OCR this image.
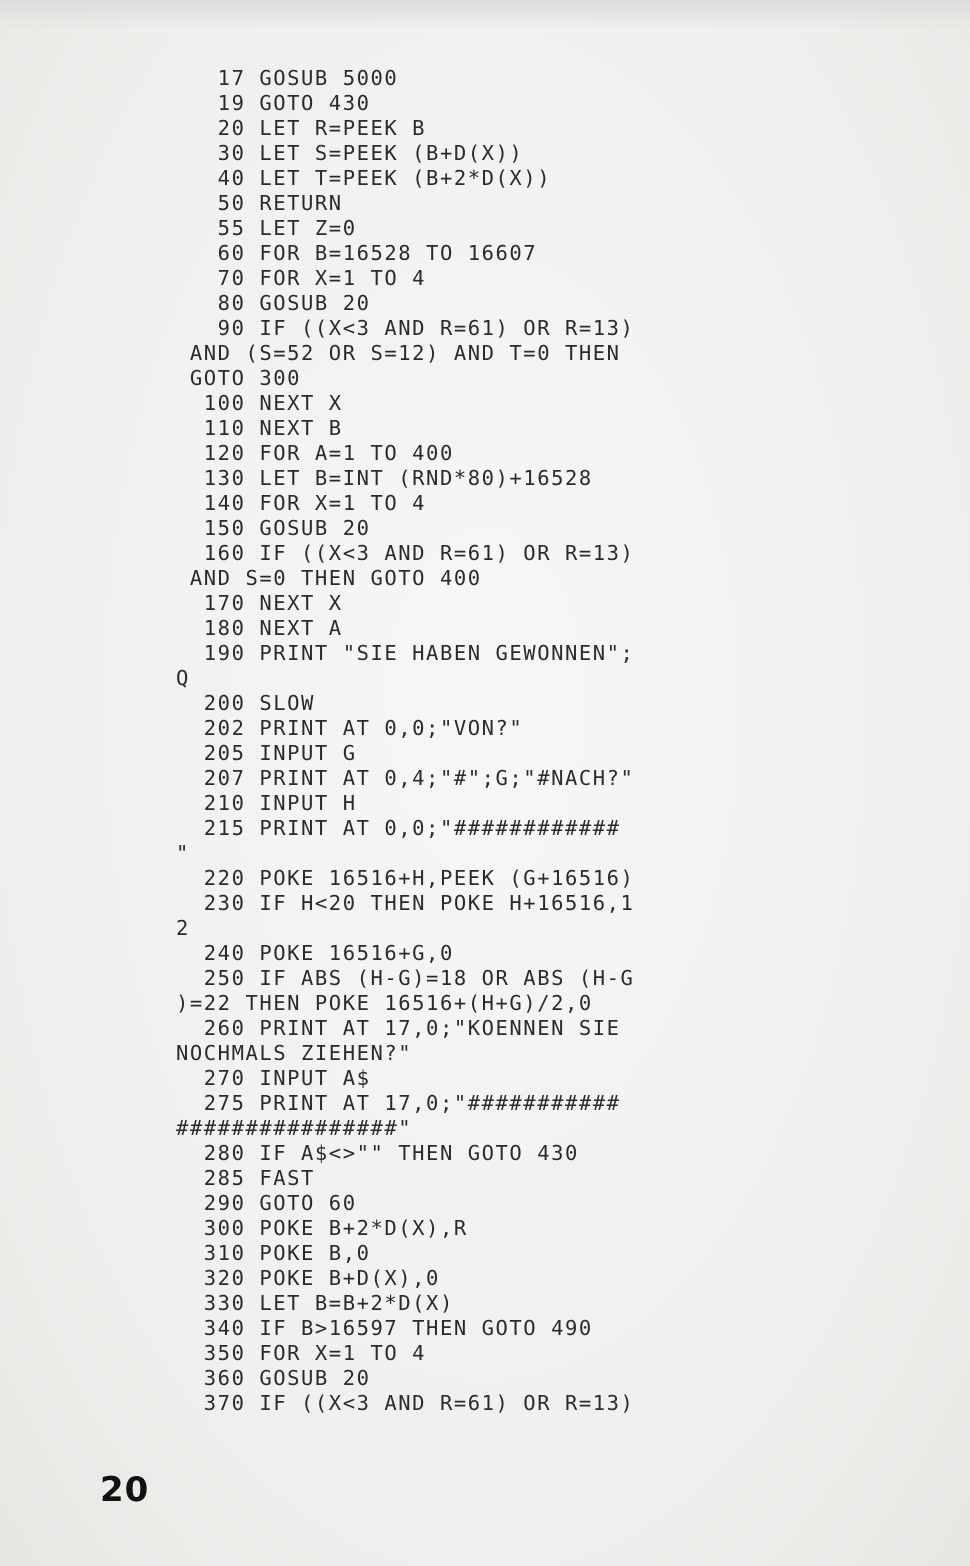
17 GOSUB 5000
19 GOTO 430
20 LET R=PEEK B
30 LET S=PEEK (B+D(X))
40 LET T=PEEK (B+2*D(X))
50 RETURN
55 LET Z=0
60 FOR B=16528 TO 16607
70 FOR X=1 TO 4
80 GOSUB 20
90 IF ((X<3 AND R=61) OR R=13)
AND (S=52 OR S=12) AND T=0 THEN
GOTO 300
100 NEXT X
110 NEXT B
120 FOR A=1 TO 400
130 LET B=INT (RND*80)+16528
140 FOR X=1 TO 4
150 GOSUB 20
160 IF ((X<3 AND R=61) OR R=13)
AND S=0 THEN GOTO 400
170 NEXT X
180 NEXT A
190 PRINT "SIE HABEN GEWONNEN";
Q
200 SLOW
202 PRINT AT 0,0;"VON?"
205 INPUT G
207 PRINT AT 0,4;"#";G;"#NACH?"
210 INPUT H
215 PRINT AT 0,0;"############
"
220 POKE 16516+H,PEEK (G+16516)
230 IF H<20 THEN POKE H+16516,1
2
240 POKE 16516+G,0
250 IF ABS (H-G)=18 OR ABS (H-G
)=22 THEN POKE 16516+(H+G)/2,0
260 PRINT AT 17,0;"KOENNEN SIE
NOCHMALS ZIEHEN?"
270 INPUT A$
275 PRINT AT 17,0;"###########
################"
280 IF A$<>"" THEN GOTO 430
285 FAST
290 GOTO 60
300 POKE B+2*D(X),R
310 POKE B,0
320 POKE B+D(X),0
330 LET B=B+2*D(X)
340 IF B>16597 THEN GOTO 490
350 FOR X=1 TO 4
360 GOSUB 20
370 IF ((X<3 AND R=61) OR R=13)
20
